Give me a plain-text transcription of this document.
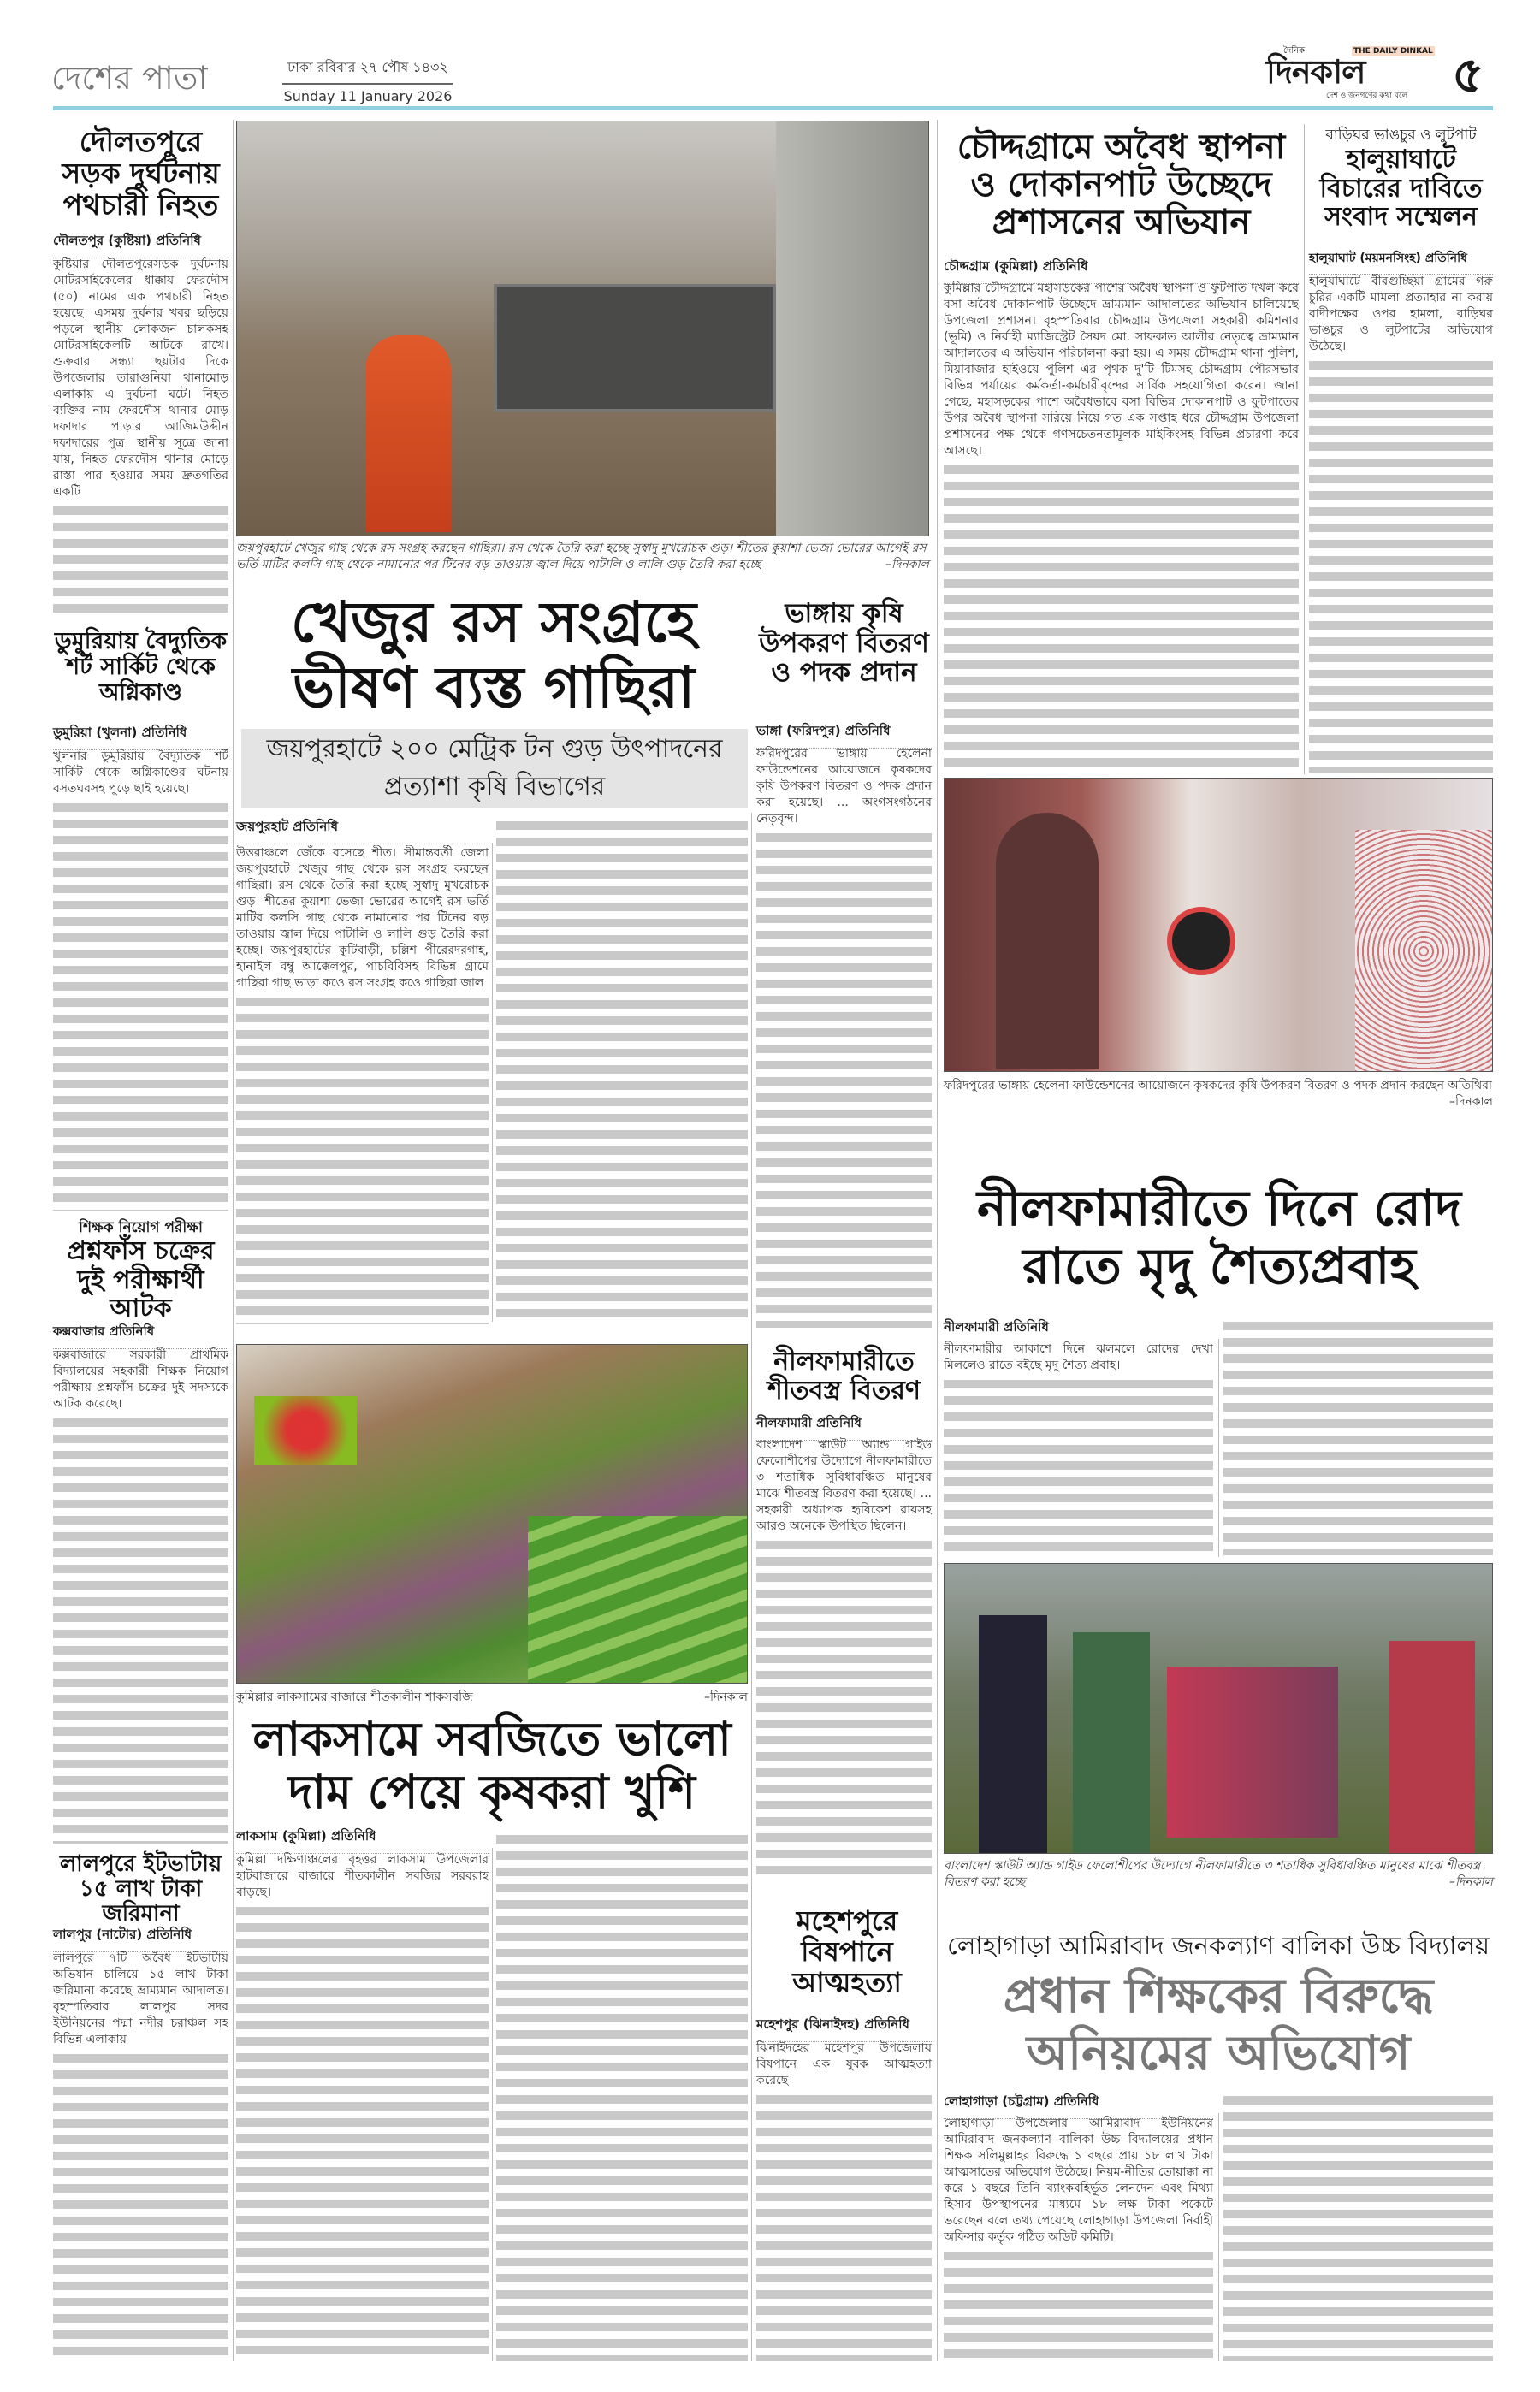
দেশের পাতা	ঢাকা রবিবার ২৭ পৌষ ১৪৩২
Sunday 11 January 2026
দৈনিক	THE DAILY DINKAL
দিনকাল
দেশ ও জনগণের কথা বলে ৫
দৌলতপুরে সড়ক দুর্ঘটনায় পথচারী নিহত
দৌলতপুর (কুষ্টিয়া) প্রতিনিধি

কুষ্টিয়ার দৌলতপুরেসড়ক দুর্ঘটনায় মোটরসাইকেলের ধাক্কায় ফেরদৌস (৫০) নামের এক পথচারী নিহত হয়েছে। এসময় দুর্ঘনার খবর ছড়িয়ে পড়লে স্থানীয় লোকজন চালকসহ মোটরসাইকেলটি আটকে রাখে। শুক্রবার সন্ধ্যা ছয়টার দিকে উপজেলার তারাগুনিয়া থানামোড় এলাকায় এ দুর্ঘটনা ঘটে। নিহত ব্যক্তির নাম ফেরদৌস থানার মোড় দফাদার পাড়ার আজিমউদ্দীন দফাদারের পুত্র। স্থানীয় সূত্রে জানা যায়, নিহত ফেরদৌস থানার মোড়ে রাস্তা পার হওয়ার সময় দ্রুতগতির একটি

ডুমুরিয়ায় বৈদ্যুতিক শর্ট সার্কিট থেকে অগ্নিকাণ্ড
ডুমুরিয়া (খুলনা) প্রতিনিধি

খুলনার ডুমুরিয়ায় বৈদ্যুতিক শর্ট সার্কিট থেকে অগ্নিকাণ্ডের ঘটনায় বসতঘরসহ পুড়ে ছাই হয়েছে।

শিক্ষক নিয়োগ পরীক্ষা
প্রশ্নফাঁস চক্রের দুই পরীক্ষার্থী আটক
কক্সবাজার প্রতিনিধি

কক্সবাজারে সরকারী প্রাথমিক বিদ্যালয়ের সহকারী শিক্ষক নিয়োগ পরীক্ষায় প্রশ্নফাঁস চক্রের দুই সদস্যকে আটক করেছে।

লালপুরে ইটভাটায় ১৫ লাখ টাকা জরিমানা
লালপুর (নাটোর) প্রতিনিধি

লালপুরে ৭টি অবৈধ ইটভাটায় অভিযান চালিয়ে ১৫ লাখ টাকা জরিমানা করেছে ভ্রাম্যমান আদালত। বৃহস্পতিবার লালপুর সদর ইউনিয়নের পদ্মা নদীর চরাঞ্চল সহ বিভিন্ন এলাকায়

জয়পুরহাটে খেজুর গাছ থেকে রস সংগ্রহ করছেন গাছিরা। রস থেকে তৈরি করা হচ্ছে সুস্বাদু মুখরোচক গুড়। শীতের কুয়াশা ভেজা ভোরের আগেই রস ভর্তি মাটির কলসি গাছ থেকে নামানোর পর টিনের বড় তাওয়ায় জ্বাল দিয়ে পাটালি ও লালি গুড় তৈরি করা হচ্ছে	–দিনকাল
খেজুর রস সংগ্রহে ভীষণ ব্যস্ত গাছিরা
জয়পুরহাটে ২০০ মেট্রিক টন গুড় উৎপাদনের প্রত্যাশা কৃষি বিভাগের
জয়পুরহাট প্রতিনিধি

উত্তরাঞ্চলে জেঁকে বসেছে শীত। সীমান্তবর্তী জেলা জয়পুরহাটে খেজুর গাছ থেকে রস সংগ্রহ করছেন গাছিরা। রস থেকে তৈরি করা হচ্ছে সুস্বাদু মুখরোচক গুড়। শীতের কুয়াশা ভেজা ভোরের আগেই রস ভর্তি মাটির কলসি গাছ থেকে নামানোর পর টিনের বড় তাওয়ায় জ্বাল দিয়ে পাটালি ও লালি গুড় তৈরি করা হচ্ছে। জয়পুরহাটের কুটিবাড়ী, চল্লিশ পীরেরদরগাহ, হানাইল বম্বু আক্কেলপুর, পাচবিবিসহ বিভিন্ন গ্রামে গাছিরা গাছ ভাড়া কওে রস সংগ্রহ কওে গাছিরা জাল

কুমিল্লার লাকসামের বাজারে শীতকালীন শাকসবজি	–দিনকাল
লাকসামে সবজিতে ভালো দাম পেয়ে কৃষকরা খুশি
লাকসাম (কুমিল্লা) প্রতিনিধি

কুমিল্লা দক্ষিণাঞ্চলের বৃহত্তর লাকসাম উপজেলার হাটবাজারে বাজারে শীতকালীন সবজির সরবরাহ বাড়ছে।

ভাঙ্গায় কৃষি উপকরণ বিতরণ ও পদক প্রদান
ভাঙ্গা (ফরিদপুর) প্রতিনিধি

ফরিদপুরের ভাঙ্গায় হেলেনা ফাউন্ডেশনের আয়োজনে কৃষকদের কৃষি উপকরণ বিতরণ ও পদক প্রদান করা হয়েছে। ... অংগসংগঠনের নেতৃবৃন্দ।

নীলফামারীতে শীতবস্ত্র বিতরণ
নীলফামারী প্রতিনিধি

বাংলাদেশ স্কাউট অ্যান্ড গাইড ফেলোশীপের উদ্যোগে নীলফামারীতে ৩ শতাধিক সুবিধাবঞ্চিত মানুষের মাঝে শীতবস্ত্র বিতরণ করা হয়েছে। ... সহকারী অধ্যাপক হৃষিকেশ রায়সহ আরও অনেকে উপস্থিত ছিলেন।

মহেশপুরে বিষপানে আত্মহত্যা
মহেশপুর (ঝিনাইদহ) প্রতিনিধি

ঝিনাইদহের মহেশপুর উপজেলায় বিষপানে এক যুবক আত্মহত্যা করেছে।

চৌদ্দগ্রামে অবৈধ স্থাপনা ও দোকানপাট উচ্ছেদে প্রশাসনের অভিযান
চৌদ্দগ্রাম (কুমিল্লা) প্রতিনিধি

কুমিল্লার চৌদ্দগ্রামে মহাসড়কের পাশের অবৈধ স্থাপনা ও ফুটপাত দখল করে বসা অবৈধ দোকানপাট উচ্ছেদে ভ্রাম্যমান আদালতের অভিযান চালিয়েছে উপজেলা প্রশাসন। বৃহস্পতিবার চৌদ্দগ্রাম উপজেলা সহকারী কমিশনার (ভূমি) ও নির্বাহী ম্যাজিস্ট্রেট সৈয়দ মো. সাফকাত আলীর নেতৃত্বে ভ্রাম্যমান আদালতের এ অভিযান পরিচালনা করা হয়। এ সময় চৌদ্দগ্রাম থানা পুলিশ, মিয়াবাজার হাইওয়ে পুলিশ এর পৃথক দু'টি টিমসহ চৌদ্দগ্রাম পৌরসভার বিভিন্ন পর্যায়ের কর্মকর্তা-কর্মচারীবৃন্দের সার্বিক সহযোগিতা করেন। জানা গেছে, মহাসড়কের পাশে অবৈধভাবে বসা বিভিন্ন দোকানপাট ও ফুটপাতের উপর অবৈধ স্থাপনা সরিয়ে নিয়ে গত এক সপ্তাহ ধরে চৌদ্দগ্রাম উপজেলা প্রশাসনের পক্ষ থেকে গণসচেতনতামূলক মাইকিংসহ বিভিন্ন প্রচারণা করে আসছে।

বাড়িঘর ভাঙচুর ও লুটপাট
হালুয়াঘাটে বিচারের দাবিতে সংবাদ সম্মেলন
হালুয়াঘাট (ময়মনসিংহ) প্রতিনিধি

হালুয়াঘাটে বীরগুচ্ছিয়া গ্রামের গরু চুরির একটি মামলা প্রত্যাহার না করায় বাদীপক্ষের ওপর হামলা, বাড়িঘর ভাঙচুর ও লুটপাটের অভিযোগ উঠেছে।

ফরিদপুরের ভাঙ্গায় হেলেনা ফাউন্ডেশনের আয়োজনে কৃষকদের কৃষি উপকরণ বিতরণ ও পদক প্রদান করছেন অতিথিরা
–দিনকাল
নীলফামারীতে দিনে রোদ রাতে মৃদু শৈত্যপ্রবাহ
নীলফামারী প্রতিনিধি

নীলফামারীর আকাশে দিনে ঝলমলে রোদের দেখা মিললেও রাতে বইছে মৃদু শৈত্য প্রবাহ।

বাংলাদেশ স্কাউট অ্যান্ড গাইড ফেলোশীপের উদ্যোগে নীলফামারীতে ৩ শতাধিক সুবিধাবঞ্চিত মানুষের মাঝে শীতবস্ত্র বিতরণ করা হচ্ছে	–দিনকাল
লোহাগাড়া আমিরাবাদ জনকল্যাণ বালিকা উচ্চ বিদ্যালয়
প্রধান শিক্ষকের বিরুদ্ধে অনিয়মের অভিযোগ
লোহাগাড়া (চট্টগ্রাম) প্রতিনিধি

লোহাগাড়া উপজেলার আমিরাবাদ ইউনিয়নের আমিরাবাদ জনকল্যাণ বালিকা উচ্চ বিদ্যালয়ের প্রধান শিক্ষক সলিমুল্লাহর বিরুদ্ধে ১ বছরে প্রায় ১৮ লাখ টাকা আত্মসাতের অভিযোগ উঠেছে। নিয়ম-নীতির তোয়াক্কা না করে ১ বছরে তিনি ব্যাংকবহির্ভূত লেনদেন এবং মিথ্যা হিসাব উপস্থাপনের মাধ্যমে ১৮ লক্ষ টাকা পকেটে ভরেছেন বলে তথ্য পেয়েছে লোহাগাড়া উপজেলা নির্বাহী অফিসার কর্তৃক গঠিত অডিট কমিটি।
